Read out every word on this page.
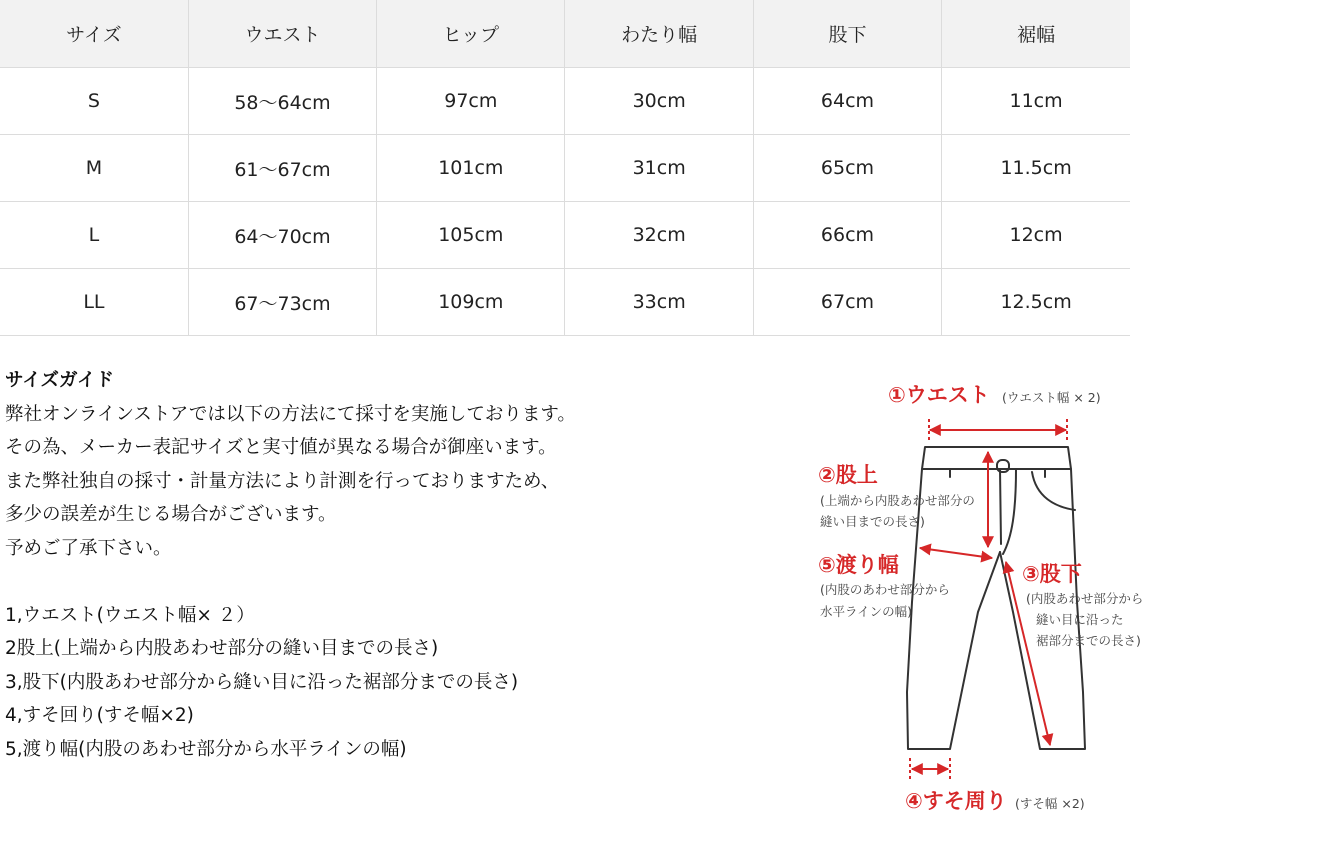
サイズ	ウエスト	ヒップ	わたり幅	股下	裾幅
S	58〜64cm	97cm	30cm	64cm	11cm
M	61〜67cm	101cm	31cm	65cm	11.5cm
L	64〜70cm	105cm	32cm	66cm	12cm
LL	67〜73cm	109cm	33cm	67cm	12.5cm
サイズガイド
弊社オンラインストアでは以下の方法にて採寸を実施しております。
その為、メーカー表記サイズと実寸値が異なる場合が御座います。
また弊社独自の採寸・計量方法により計測を行っておりますため、
多少の誤差が生じる場合がございます。
予めご了承下さい。
1,ウエスト(ウエスト幅× ２）
2股上(上端から内股あわせ部分の縫い目までの長さ)
3,股下(内股あわせ部分から縫い目に沿った裾部分までの長さ)
4,すそ回り(すそ幅×2)
5,渡り幅(内股のあわせ部分から水平ラインの幅)
①ウエスト (ウエスト幅 × 2)
②股上
(上端から内股あわせ部分の
縫い目までの長さ)
⑤渡り幅
(内股のあわせ部分から
水平ラインの幅)
③股下
(内股あわせ部分から
縫い目に沿った
裾部分までの長さ)
④すそ周り (すそ幅 ×2)
